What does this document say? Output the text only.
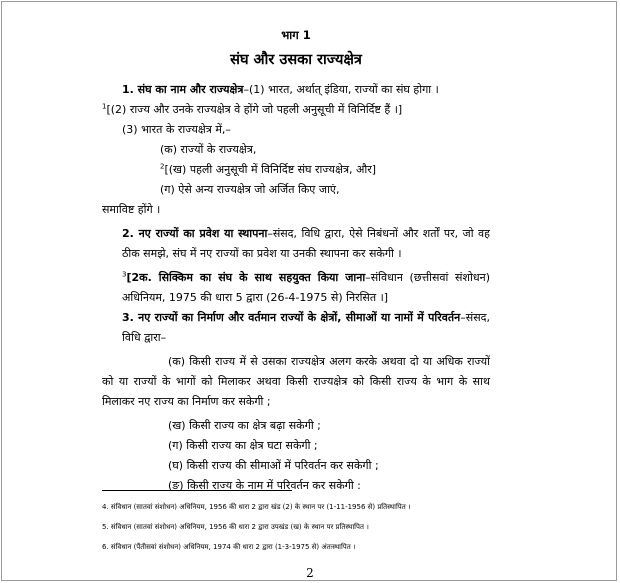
भाग 1
संघ और उसका राज्यक्षेत्र

1. संघ का नाम और राज्यक्षेत्र–(1) भारत, अर्थात् इंडिया, राज्यों का संघ होगा ।

$^1$[(2) राज्य और उनके राज्यक्षेत्र वे होंगे जो पहली अनुसूची में विनिर्दिष्ट हैं ।]

(3) भारत के राज्यक्षेत्र में,–

(क) राज्यों के राज्यक्षेत्र,

$^2$[(ख) पहली अनुसूची में विनिर्दिष्ट संघ राज्यक्षेत्र, और]

(ग) ऐसे अन्य राज्यक्षेत्र जो अर्जित किए जाएं,

समाविष्ट होंगे ।

2. नए राज्यों का प्रवेश या स्थापना–संसद, विधि द्वारा, ऐसे निबंधनों और शर्तों पर, जो वह ठीक समझे, संघ में नए राज्यों का प्रवेश या उनकी स्थापना कर सकेगी ।

$^3$[2क. सिक्किम का संघ के साथ सहयुक्त किया जाना–संविधान (छत्तीसवां संशोधन) अधिनियम, 1975 की धारा 5 द्वारा (26-4-1975 से) निरसित ।]

3. नए राज्यों का निर्माण और वर्तमान राज्यों के क्षेत्रों, सीमाओं या नामों में परिवर्तन–संसद, विधि द्वारा–

(क) किसी राज्य में से उसका राज्यक्षेत्र अलग करके अथवा दो या अधिक राज्यों को या राज्यों के भागों को मिलाकर अथवा किसी राज्यक्षेत्र को किसी राज्य के भाग के साथ मिलाकर नए राज्य का निर्माण कर सकेगी ;

(ख) किसी राज्य का क्षेत्र बढ़ा सकेगी ;

(ग) किसी राज्य का क्षेत्र घटा सकेगी ;

(घ) किसी राज्य की सीमाओं में परिवर्तन कर सकेगी ;

(ङ) किसी राज्य के नाम में परिवर्तन कर सकेगी :

4. संविधान (सातवां संशोधन) अधिनियम, 1956 की धारा 2 द्वारा खंड (2) के स्थान पर (1-11-1956 से) प्रतिस्थापित ।

5. संविधान (सातवां संशोधन) अधिनियम, 1956 की धारा 2 द्वारा उपखंड (ख) के स्थान पर प्रतिस्थापित ।

6. संविधान (पैंतीसवां संशोधन) अधिनियम, 1974 की धारा 2 द्वारा (1-3-1975 से) अंतःस्थापित ।

2
